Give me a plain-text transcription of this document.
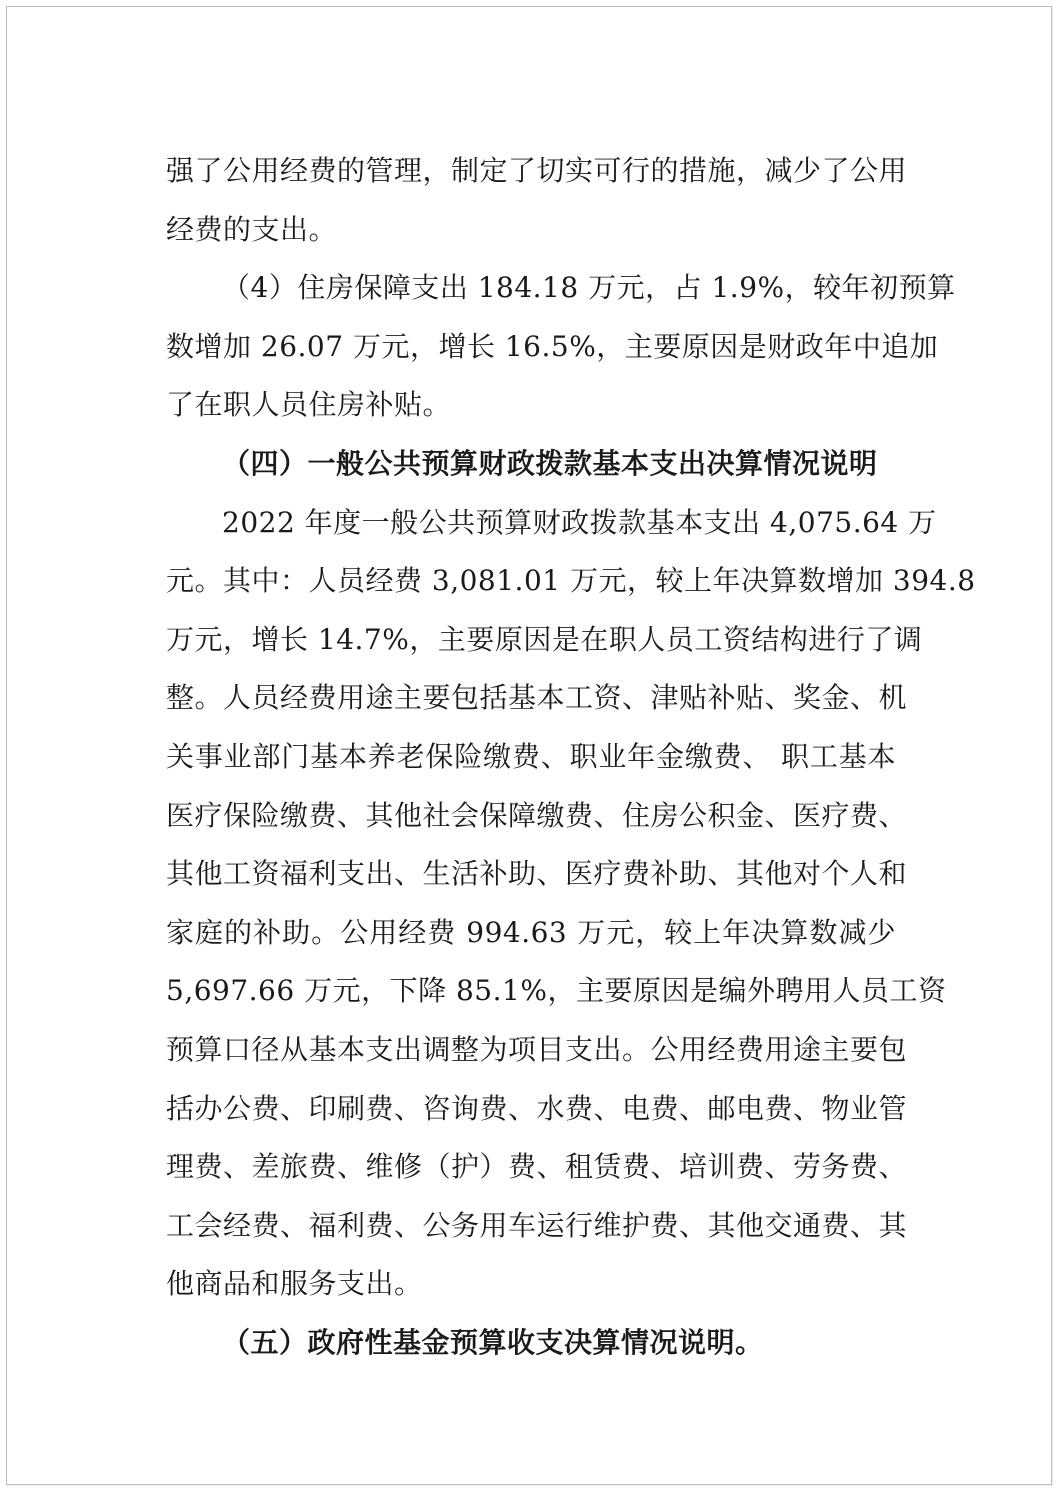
强了公用经费的管理，制定了切实可行的措施，减少了公用
经费的支出。
（4）住房保障支出 184.18 万元，占 1.9%，较年初预算
数增加 26.07 万元，增长 16.5%，主要原因是财政年中追加
了在职人员住房补贴。
（四）一般公共预算财政拨款基本支出决算情况说明
2022 年度一般公共预算财政拨款基本支出 4,075.64 万
元。其中：人员经费 3,081.01 万元，较上年决算数增加 394.8
万元，增长 14.7%，主要原因是在职人员工资结构进行了调
整。人员经费用途主要包括基本工资、津贴补贴、奖金、机
关事业部门基本养老保险缴费、职业年金缴费、 职工基本
医疗保险缴费、其他社会保障缴费、住房公积金、医疗费、
其他工资福利支出、生活补助、医疗费补助、其他对个人和
家庭的补助。公用经费 994.63 万元，较上年决算数减少
5,697.66 万元，下降 85.1%，主要原因是编外聘用人员工资
预算口径从基本支出调整为项目支出。公用经费用途主要包
括办公费、印刷费、咨询费、水费、电费、邮电费、物业管
理费、差旅费、维修（护）费、租赁费、培训费、劳务费、
工会经费、福利费、公务用车运行维护费、其他交通费、其
他商品和服务支出。
（五）政府性基金预算收支决算情况说明。
